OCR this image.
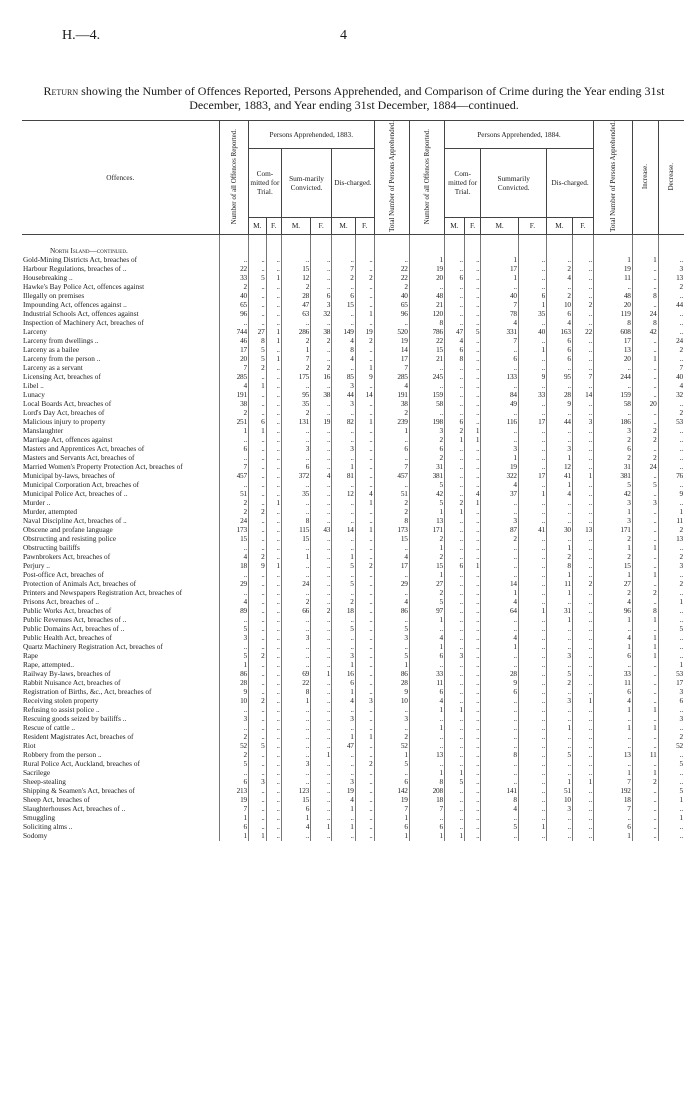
H.—4.	4
Return showing the Number of Offences Reported, Persons Apprehended, and Comparison of Crime during the Year ending 31st December, 1883, and Year ending 31st December, 1884—continued.
Offences.	Number of all Offences Reported.	Persons Apprehended, 1883.						Total Number of Persons Apprehended.	Number of all Offences Reported.	Persons Apprehended, 1884.						Total Number of Persons Apprehended.	Increase.	Decrease.
		Com-mitted for Trial.		Sum-marily Convicted.		Dis-charged.				Com-mitted for Trial.		Summarily Convicted.		Dis-charged.				
		M.	F.	M.	F.	M.	F.			M.	F.	M.	F.	M.	F.			

North Island—continued.																		
Gold-Mining Districts Act, breaches of	..	..	..	..	..	..	..	..	1	..	..	1	..	..	..	1	1	..
Harbour Regulations, breaches of ..	22	..	..	15	..	7	..	22	19	..	..	17	..	2	..	19	..	3
Housebreaking ..	33	5	1	12	..	2	2	22	20	6	..	1	..	4	..	11	..	13
Hawke's Bay Police Act, offences against	2	..	..	2	..	..	..	2	..	..	..	..	..	..	..	..	..	2
Illegally on premises	40	..	..	28	6	6	..	40	48	..	..	40	6	2	..	48	8	..
Impounding Act, offences against ..	65	..	..	47	3	15	..	65	21	..	..	7	1	10	2	20	..	44
Industrial Schools Act, offences against	96	..	..	63	32	..	1	96	120	..	..	78	35	6	..	119	24	..
Inspection of Machinery Act, breaches of	..	..	..	..	..	..	..	..	8	..	..	4	..	4	..	8	8	..
Larceny	744	27	1	286	38	149	19	520	786	47	5	331	40	163	22	608	42	..
Larceny from dwellings ..	46	8	1	2	2	4	2	19	22	4	..	7	..	6	..	17	..	24
Larceny as a bailee	17	5	..	1	..	8	..	14	15	6	..	..	1	6	..	13	..	2
Larceny from the person ..	20	5	1	7	..	4	..	17	21	8	..	6	..	6	..	20	1	..
Larceny as a servant	7	2	..	2	2	..	1	7	..	..	..	..	..	..	..	..	..	7
Licensing Act, breaches of	285	..	..	175	16	85	9	285	245	..	..	133	9	95	7	244	..	40
Libel ..	4	1	..	..	..	3	..	4	..	..	..	..	..	..	..	..	..	4
Lunacy	191	..	..	95	38	44	14	191	159	..	..	84	33	28	14	159	..	32
Local Boards Act, breaches of	38	..	..	35	..	3	..	38	58	..	..	49	..	9	..	58	20	..
Lord's Day Act, breaches of	2	..	..	2	..	..	..	2	..	..	..	..	..	..	..	..	..	2
Malicious injury to property	251	6	..	131	19	82	1	239	198	6	..	116	17	44	3	186	..	53
Manslaughter	1	1	..	..	..	..	..	1	3	2	1	..	..	..	..	3	2	..
Marriage Act, offences against	..	..	..	..	..	..	..	..	2	1	1	..	..	..	..	2	2	..
Masters and Apprentices Act, breaches of	6	..	..	3	..	3	..	6	6	..	..	3	..	3	..	6	..	..
Masters and Servants Act, breaches of	..	..	..	..	..	..	..	..	2	..	..	1	..	1	..	2	2	..
Married Women's Property Protection Act, breaches of	7	..	..	6	..	1	..	7	31	..	..	19	..	12	..	31	24	..
Municipal by-laws, breaches of	457	..	..	372	4	81	..	457	381	..	..	322	17	41	1	381	..	76
Municipal Corporation Act, breaches of	..	..	..	..	..	..	..	..	5	..	..	4	..	1	..	5	5	..
Municipal Police Act, breaches of ..	51	..	..	35	..	12	4	51	42	..	4	37	1	4	..	42	..	9
Murder ..	2	..	1	..	..	..	1	2	5	2	1	..	..	..	..	3	3	..
Murder, attempted	2	2	..	..	..	..	..	2	1	1	..	..	..	..	..	1	..	1
Naval Discipline Act, breaches of ..	24	..	..	8	..	..	..	8	13	..	..	3	..	..	..	3	..	11
Obscene and profane language	173	..	..	115	43	14	1	173	171	..	..	87	41	30	13	171	..	2
Obstructing and resisting police	15	..	..	15	..	..	..	15	2	..	..	2	..	..	..	2	..	13
Obstructing bailiffs	..	..	..	..	..	..	..	..	1	..	..	..	..	1	..	1	1	..
Pawnbrokers Act, breaches of	4	2	..	1	..	1	..	4	2	..	..	..	..	2	..	2	..	2
Perjury ..	18	9	1	..	..	5	2	17	15	6	1	..	..	8	..	15	..	3
Post-office Act, breaches of	..	..	..	..	..	..	..	..	1	..	..	..	..	1	..	1	1	..
Protection of Animals Act, breaches of	29	..	..	24	..	5	..	29	27	..	..	14	..	11	2	27	..	2
Printers and Newspapers Registration Act, breaches of	..	..	..	..	..	..	..	..	2	..	..	1	..	1	..	2	2	..
Prisons Act, breaches of ..	4	..	..	2	..	2	..	4	5	..	..	4	..	..	..	4	..	1
Public Works Act, breaches of	89	..	..	66	2	18	..	86	97	..	..	64	1	31	..	96	8	..
Public Revenues Act, breaches of ..	..	..	..	..	..	..	..	..	1	..	..	..	..	1	..	1	1	..
Public Domains Act, breaches of ..	5	..	..	..	..	5	..	5	..	..	..	..	..	..	..	..	..	5
Public Health Act, breaches of	3	..	..	3	..	..	..	3	4	..	..	4	..	..	..	4	1	..
Quartz Machinery Registration Act, breaches of	..	..	..	..	..	..	..	..	1	..	..	1	..	..	..	1	1	..
Rape	5	2	..	..	..	3	..	5	6	3	..	..	..	3	..	6	1	..
Rape, attempted..	1	..	..	..	..	1	..	1	..	..	..	..	..	..	..	..	..	1
Railway By-laws, breaches of	86	..	..	69	1	16	..	86	33	..	..	28	..	5	..	33	..	53
Rabbit Nuisance Act, breaches of	28	..	..	22	..	6	..	28	11	..	..	9	..	2	..	11	..	17
Registration of Births, &c., Act, breaches of	9	..	..	8	..	1	..	9	6	..	..	6	..	..	..	6	..	3
Receiving stolen property	10	2	..	1	..	4	3	10	4	..	..	..	..	3	1	4	..	6
Refusing to assist police ..	..	..	..	..	..	..	..	..	1	1	..	..	..	..	..	1	1	..
Rescuing goods seized by bailiffs ..	3	..	..	..	..	3	..	3	..	..	..	..	..	..	..	..	..	3
Rescue of cattle ..	..	..	..	..	..	..	..	..	1	..	..	..	..	1	..	1	1	..
Resident Magistrates Act, breaches of	2	..	..	..	..	1	1	2	..	..	..	..	..	..	..	..	..	2
Riot	52	5	..	..	..	47	..	52	..	..	..	..	..	..	..	..	..	52
Robbery from the person ..	2	..	..	..	1	..	..	1	13	..	..	8	..	5	..	13	11	..
Rural Police Act, Auckland, breaches of	5	..	..	3	..	..	2	5	..	..	..	..	..	..	..	..	..	5
Sacrilege	..	..	..	..	..	..	..	..	1	1	..	..	..	..	..	1	1	..
Sheep-stealing	6	3	..	..	..	3	..	6	8	5	..	..	..	1	1	7	2	..
Shipping & Seamen's Act, breaches of	213	..	..	123	..	19	..	142	208	..	..	141	..	51	..	192	..	5
Sheep Act, breaches of	19	..	..	15	..	4	..	19	18	..	..	8	..	10	..	18	..	1
Slaughterhouses Act, breaches of ..	7	..	..	6	..	1	..	7	7	..	..	4	..	3	..	7	..	..
Smuggling	1	..	..	1	..	..	..	1	..	..	..	..	..	..	..	..	..	1
Soliciting alms ..	6	..	..	4	1	1	..	6	6	..	..	5	1	..	..	6	..	..
Sodomy	1	1	..	..	..	..	..	1	1	1	..	..	..	..	..	1	..	..
